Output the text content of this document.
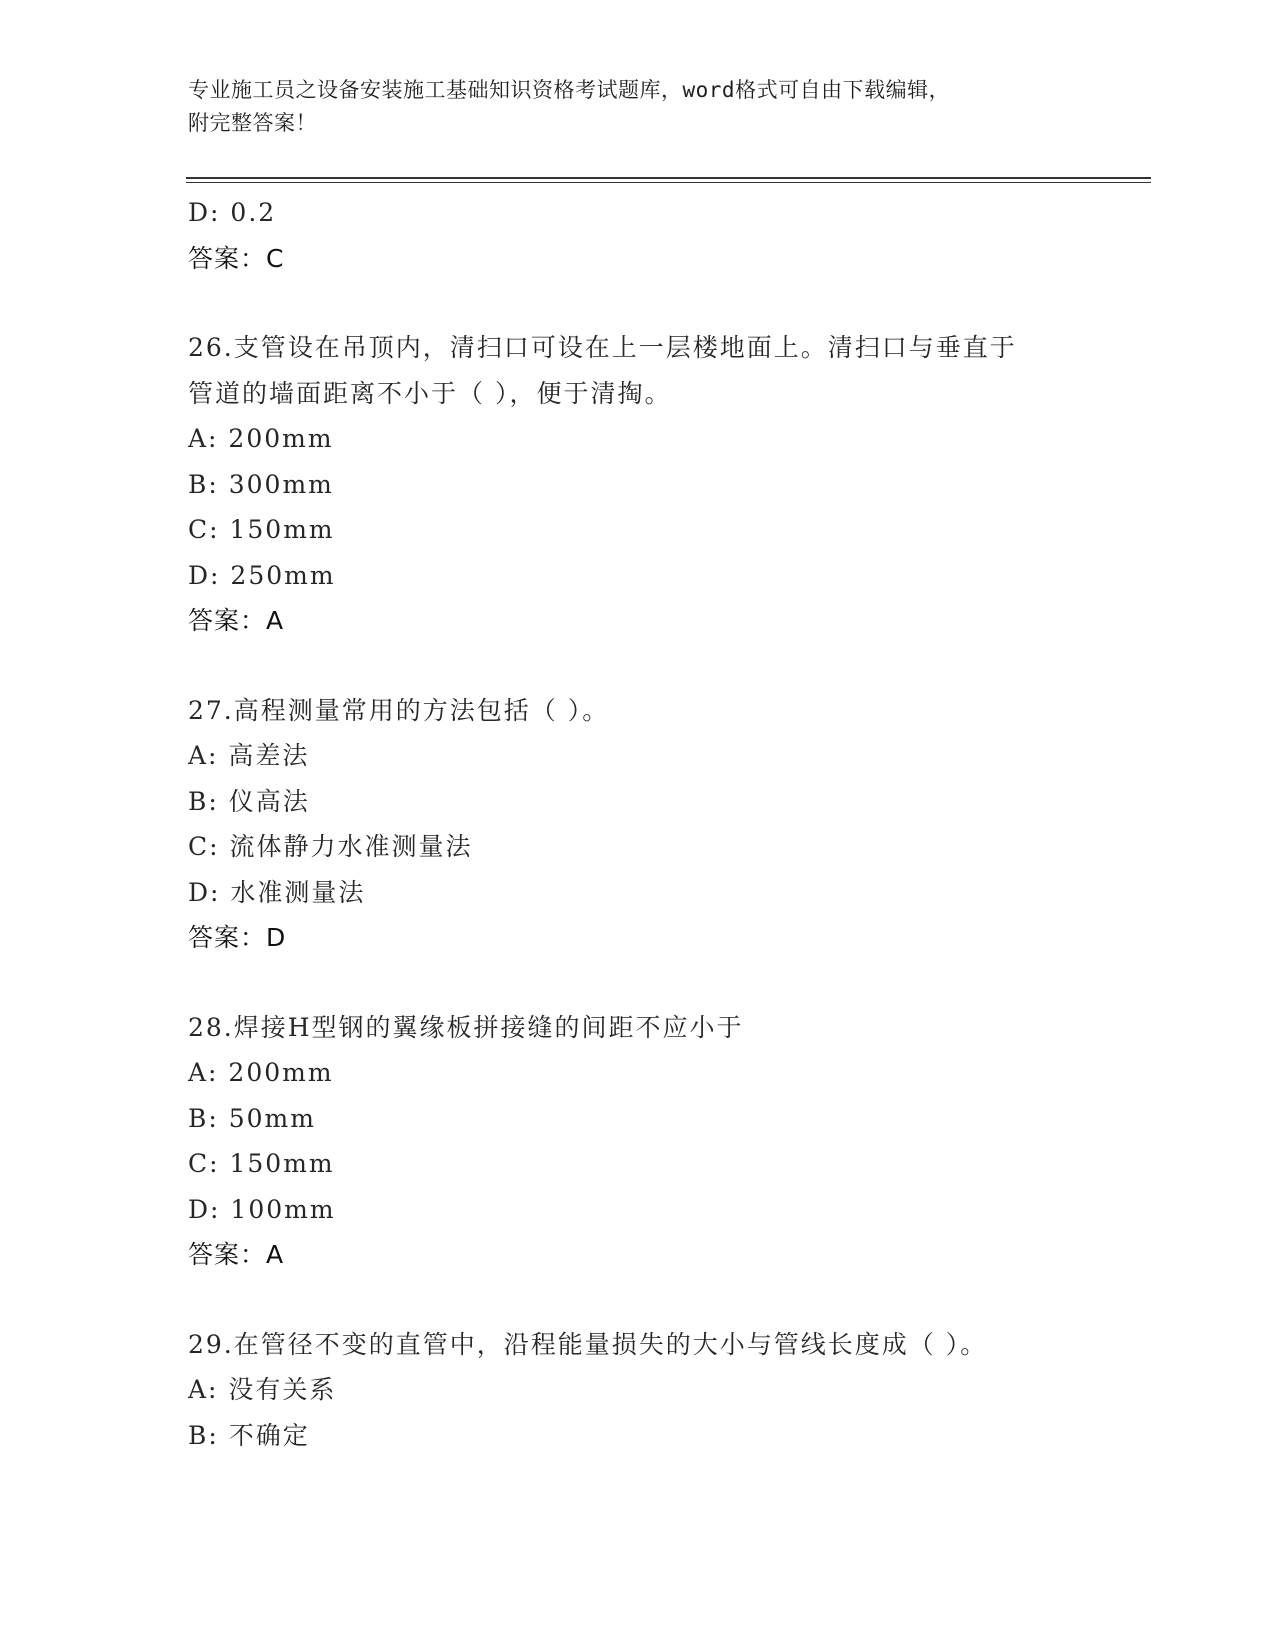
专业施工员之设备安装施工基础知识资格考试题库，word格式可自由下载编辑，
附完整答案！
D: 0.2
答案：C
26.支管设在吊顶内，清扫口可设在上一层楼地面上。清扫口与垂直于
管道的墙面距离不小于（ ），便于清掏。
A: 200mm
B: 300mm
C: 150mm
D: 250mm
答案：A
27.高程测量常用的方法包括（ ）。
A: 高差法
B: 仪高法
C: 流体静力水准测量法
D: 水准测量法
答案：D
28.焊接H型钢的翼缘板拼接缝的间距不应小于
A: 200mm
B: 50mm
C: 150mm
D: 100mm
答案：A
29.在管径不变的直管中，沿程能量损失的大小与管线长度成（ ）。
A: 没有关系
B: 不确定
